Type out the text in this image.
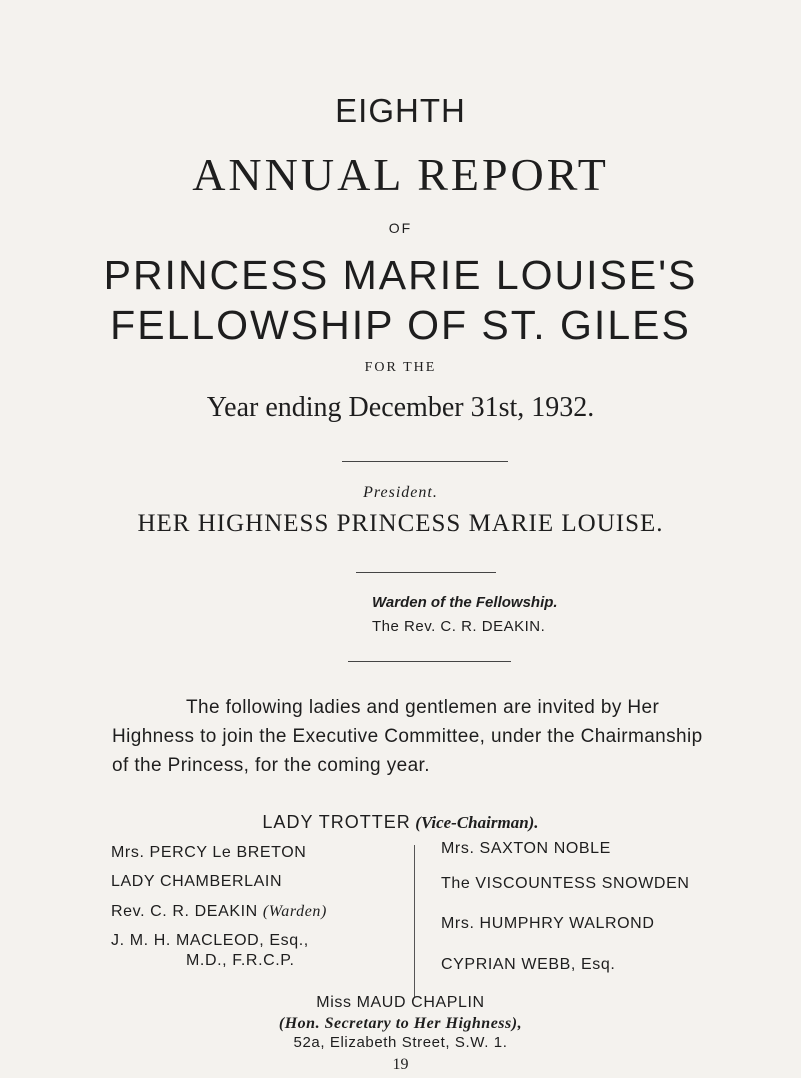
EIGHTH
ANNUAL REPORT
OF
PRINCESS MARIE LOUISE'S
FELLOWSHIP OF ST. GILES
FOR THE
Year ending December 31st, 1932.
President.
HER HIGHNESS PRINCESS MARIE LOUISE.
Warden of the Fellowship.
The Rev. C. R. DEAKIN.
The following ladies and gentlemen are invited by Her
Highness to join the Executive Committee, under the Chairmanship
of the Princess, for the coming year.
LADY TROTTER (Vice-Chairman).
Mrs. PERCY Le BRETON
LADY CHAMBERLAIN
Rev. C. R. DEAKIN (Warden)
J. M. H. MACLEOD, Esq.,
M.D., F.R.C.P.
Mrs. SAXTON NOBLE
The VISCOUNTESS SNOWDEN
Mrs. HUMPHRY WALROND
CYPRIAN WEBB, Esq.
Miss MAUD CHAPLIN
(Hon. Secretary to Her Highness),
52a, Elizabeth Street, S.W. 1.
19
